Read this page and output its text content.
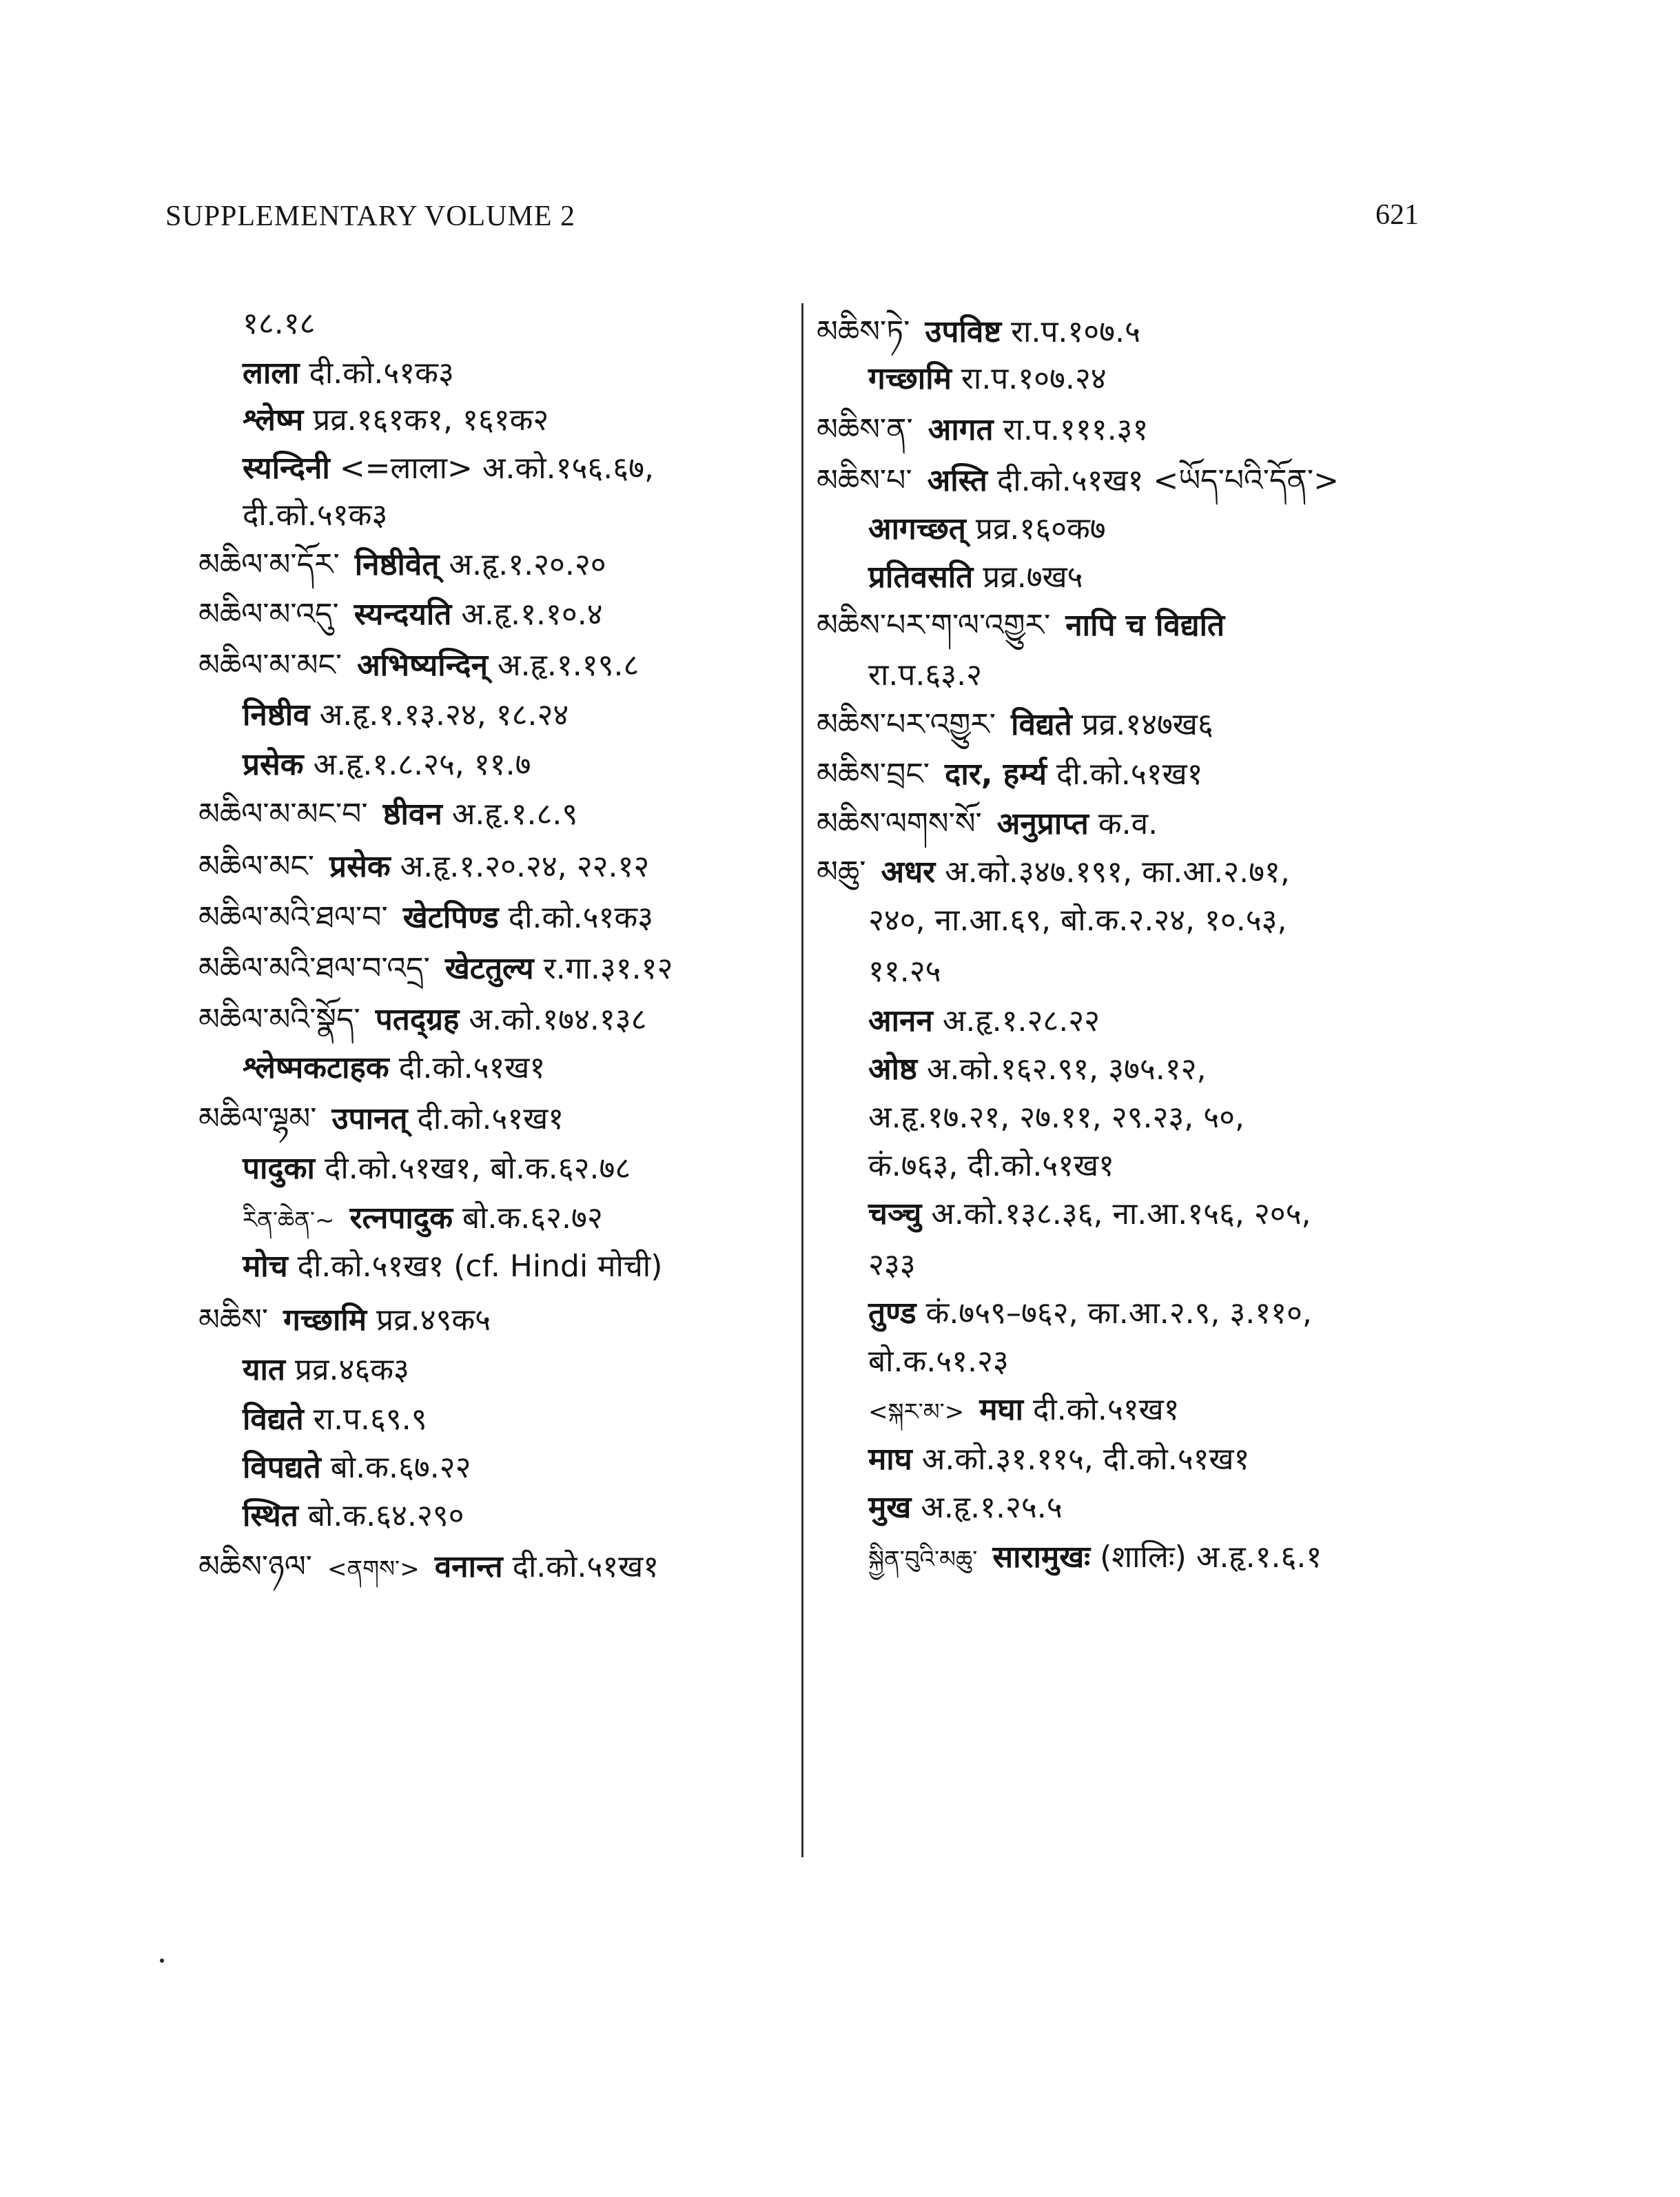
SUPPLEMENTARY VOLUME 2	621
१८.१८
लाला दी.को.५१क३
श्लेष्म प्रव्र.१६१क१, १६१क२
स्यन्दिनी <=लाला> अ.को.१५६.६७,
दी.को.५१क३
མཆིལ་མ་དོར་ निष्ठीवेत् अ.हृ.१.२०.२०
མཆིལ་མ་འདུ་ स्यन्दयति अ.हृ.१.१०.४
མཆིལ་མ་མང་ अभिष्यन्दिन् अ.हृ.१.१९.८
निष्ठीव अ.हृ.१.१३.२४, १८.२४
प्रसेक अ.हृ.१.८.२५, ११.७
མཆིལ་མ་མང་བ་ ष्ठीवन अ.हृ.१.८.९
མཆིལ་མང་ प्रसेक अ.हृ.१.२०.२४, २२.१२
མཆིལ་མའི་ཐལ་བ་ खेटपिण्ड दी.को.५१क३
མཆིལ་མའི་ཐལ་བ་འདྲ་ खेटतुल्य र.गा.३१.१२
མཆིལ་མའི་སྣོད་ पतद्ग्रह अ.को.१७४.१३८
श्लेष्मकटाहक दी.को.५१ख१
མཆིལ་ལྷམ་ उपानत् दी.को.५१ख१
पादुका दी.को.५१ख१, बो.क.६२.७८
རིན་ཆེན་~ रत्नपादुक बो.क.६२.७२
मोच दी.को.५१ख१ (cf. Hindi मोची)
མཆིས་ गच्छामि प्रव्र.४९क५
यात प्रव्र.४६क३
विद्यते रा.प.६९.९
विपद्यते बो.क.६७.२२
स्थित बो.क.६४.२९०
མཆིས་ཉལ་ <ནགས་> वनान्त दी.को.५१ख१
མཆིས་ཏེ་ उपविष्ट रा.प.१०७.५
गच्छामि रा.प.१०७.२४
མཆིས་ན་ आगत रा.प.१११.३१
མཆིས་པ་ अस्ति दी.को.५१ख१ <ཡོད་པའི་དོན་>
आगच्छत् प्रव्र.१६०क७
प्रतिवसति प्रव्र.७ख५
མཆིས་པར་ག་ལ་འགྱུར་ नापि च विद्यति
रा.प.६३.२
མཆིས་པར་འགྱུར་ विद्यते प्रव्र.१४७ख६
མཆིས་བྲང་ दार, हर्म्य दी.को.५१ख१
མཆིས་ལགས་སོ་ अनुप्राप्त क.व.
མཆུ་ अधर अ.को.३४७.१९१, का.आ.२.७१,
२४०, ना.आ.६९, बो.क.२.२४, १०.५३,
११.२५
आनन अ.हृ.१.२८.२२
ओष्ठ अ.को.१६२.९१, ३७५.१२,
अ.हृ.१७.२१, २७.११, २९.२३, ५०,
कं.७६३, दी.को.५१ख१
चञ्चु अ.को.१३८.३६, ना.आ.१५६, २०५,
२३३
तुण्ड कं.७५९–७६२, का.आ.२.९, ३.११०,
बो.क.५१.२३
<སྐར་མ་> मघा दी.को.५१ख१
माघ अ.को.३१.११५, दी.को.५१ख१
मुख अ.हृ.१.२५.५
སྐྱིན་བུའི་མཆུ་ सारामुखः (शालिः) अ.हृ.१.६.१
